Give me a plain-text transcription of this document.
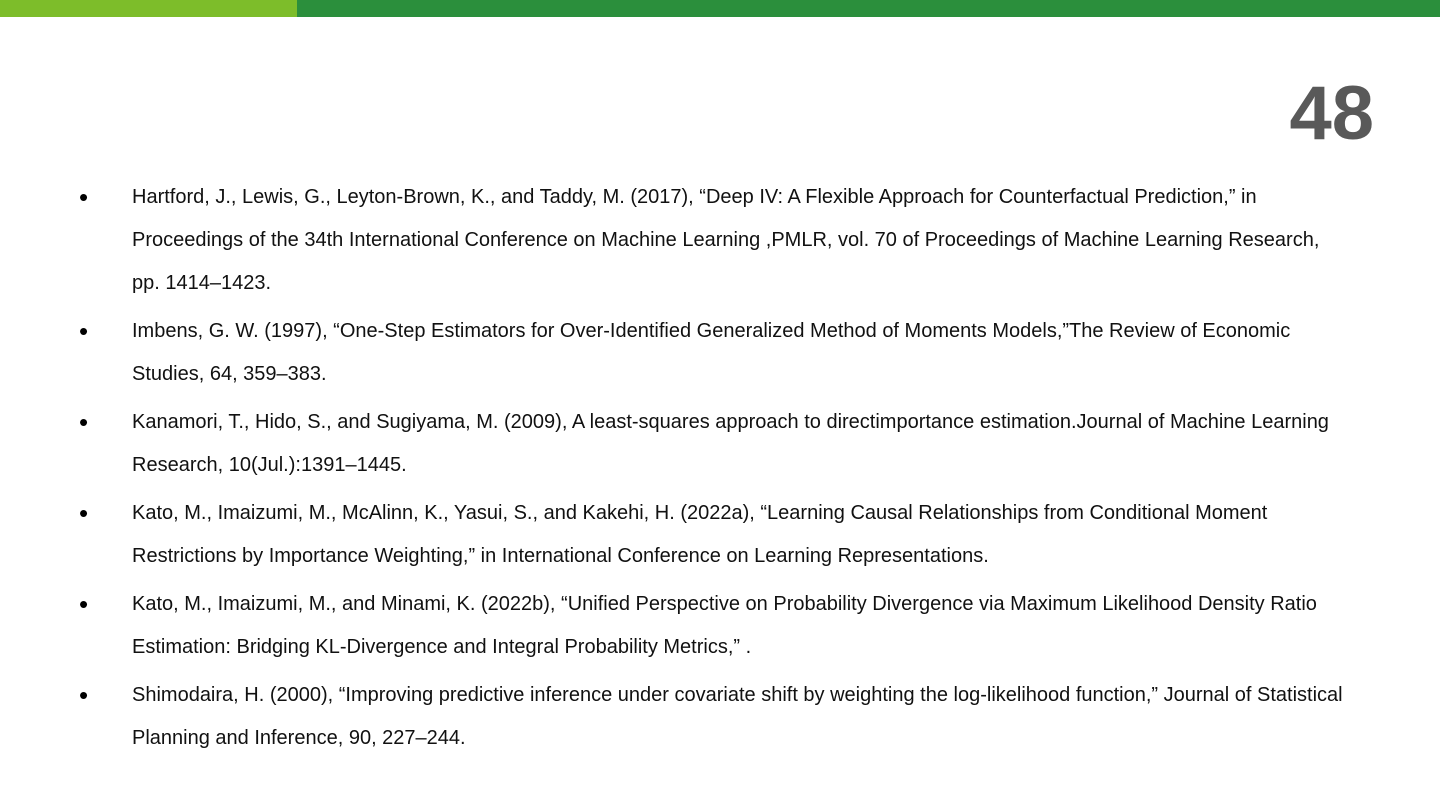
48
• Hartford, J., Lewis, G., Leyton-Brown, K., and Taddy, M. (2017), “Deep IV: A Flexible Approach for Counterfactual Prediction,” in Proceedings of the 34th International Conference on Machine Learning ,PMLR, vol. 70 of Proceedings of Machine Learning Research, pp. 1414–1423.
• Imbens, G. W. (1997), “One-Step Estimators for Over-Identified Generalized Method of Moments Models,”The Review of Economic Studies, 64, 359–383.
• Kanamori, T., Hido, S., and Sugiyama, M. (2009), A least-squares approach to directimportance estimation.Journal of Machine Learning Research, 10(Jul.):1391–1445.
• Kato, M., Imaizumi, M., McAlinn, K., Yasui, S., and Kakehi, H. (2022a), “Learning Causal Relationships from Conditional Moment Restrictions by Importance Weighting,” in International Conference on Learning Representations.
• Kato, M., Imaizumi, M., and Minami, K. (2022b), “Unified Perspective on Probability Divergence via Maximum Likelihood Density Ratio Estimation: Bridging KL-Divergence and Integral Probability Metrics,” .
• Shimodaira, H. (2000), “Improving predictive inference under covariate shift by weighting the log-likelihood function,” Journal of Statistical Planning and Inference, 90, 227–244.
